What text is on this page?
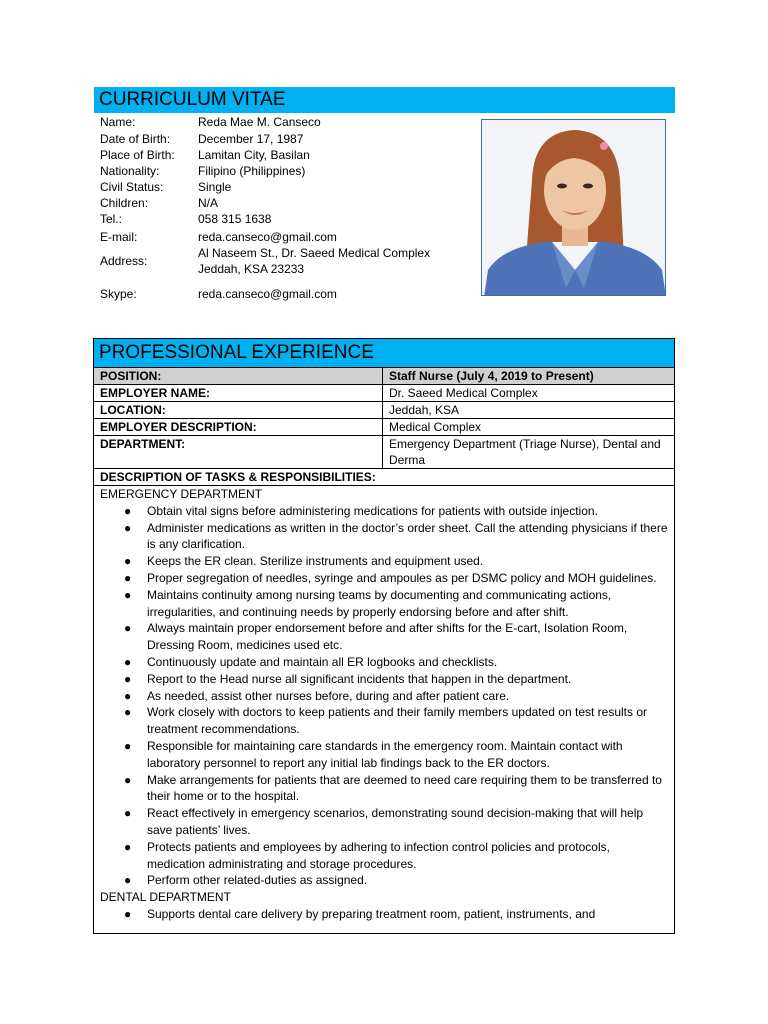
CURRICULUM VITAE
Name:	Reda Mae M. Canseco
Date of Birth: December 17, 1987
Place of Birth: Lamitan City, Basilan
Nationality:	Filipino (Philippines)
Civil Status:	Single
Children:	N/A
Tel.:	058 315 1638
E-mail:	reda.canseco@gmail.com
Address:
Al Naseem St., Dr. Saeed Medical Complex
Jeddah, KSA 23233
Skype:	reda.canseco@gmail.com
PROFESSIONAL EXPERIENCE
POSITION:	Staff Nurse (July 4, 2019 to Present)
EMPLOYER NAME:	Dr. Saeed Medical Complex
LOCATION:	Jeddah, KSA
EMPLOYER DESCRIPTION:	Medical Complex
DEPARTMENT:	Emergency Department (Triage Nurse), Dental and Derma
DESCRIPTION OF TASKS & RESPONSIBILITIES:
EMERGENCY DEPARTMENT
● Obtain vital signs before administering medications for patients with outside injection.
● Administer medications as written in the doctor’s order sheet. Call the attending physicians if there is any clarification.
● Keeps the ER clean. Sterilize instruments and equipment used.
● Proper segregation of needles, syringe and ampoules as per DSMC policy and MOH guidelines.
● Maintains continuity among nursing teams by documenting and communicating actions, irregularities, and continuing needs by properly endorsing before and after shift.
● Always maintain proper endorsement before and after shifts for the E-cart, Isolation Room, Dressing Room, medicines used etc.
● Continuously update and maintain all ER logbooks and checklists.
● Report to the Head nurse all significant incidents that happen in the department.
● As needed, assist other nurses before, during and after patient care.
● Work closely with doctors to keep patients and their family members updated on test results or treatment recommendations.
● Responsible for maintaining care standards in the emergency room. Maintain contact with laboratory personnel to report any initial lab findings back to the ER doctors.
● Make arrangements for patients that are deemed to need care requiring them to be transferred to their home or to the hospital.
● React effectively in emergency scenarios, demonstrating sound decision-making that will help save patients’ lives.
● Protects patients and employees by adhering to infection control policies and protocols, medication administrating and storage procedures.
● Perform other related-duties as assigned.
DENTAL DEPARTMENT
● Supports dental care delivery by preparing treatment room, patient, instruments, and
